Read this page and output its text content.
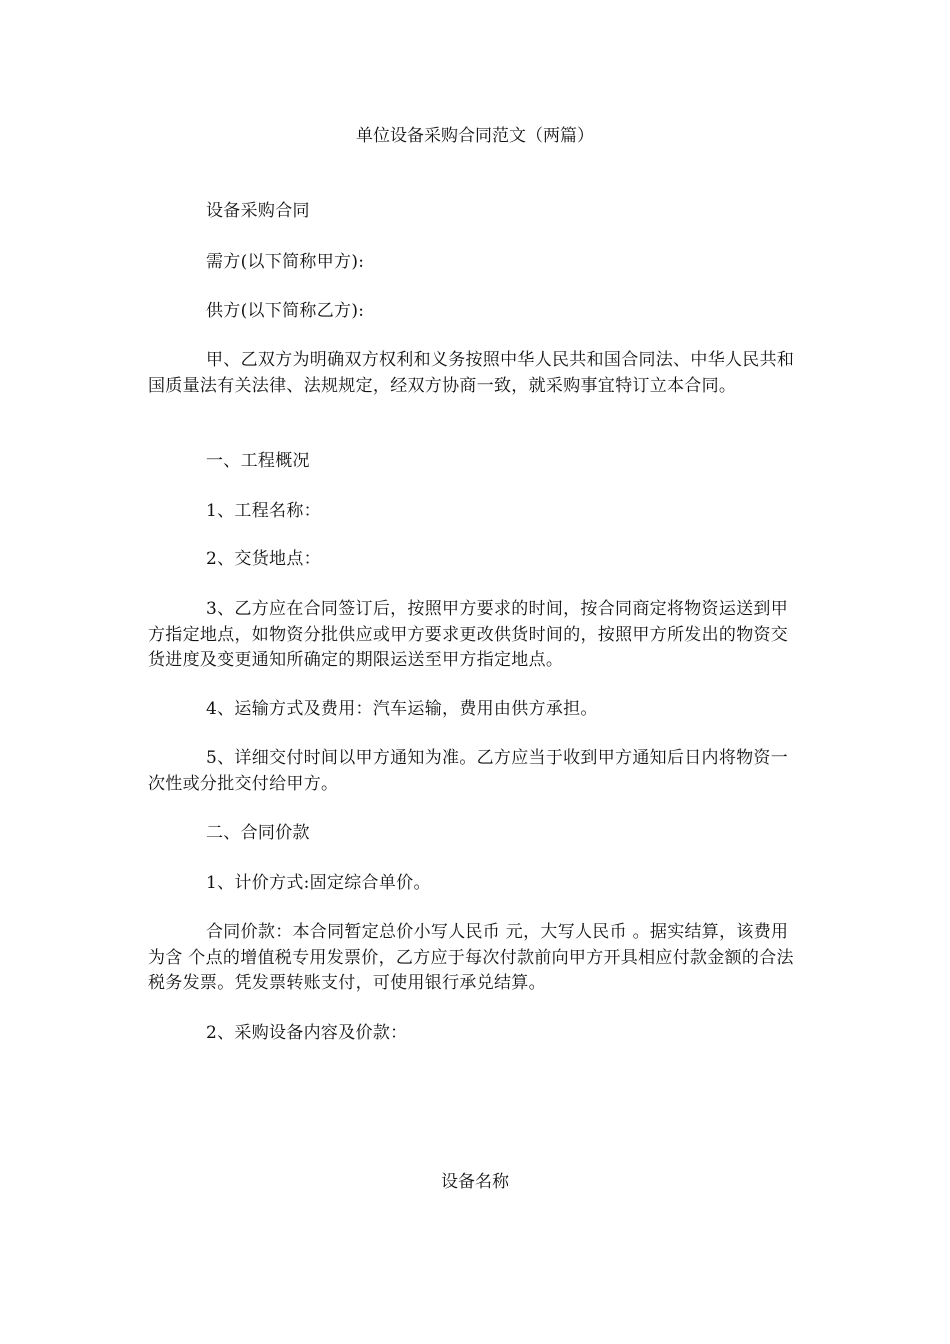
单位设备采购合同范文（两篇）
设备采购合同
需方(以下简称甲方):
供方(以下简称乙方):
甲、乙双方为明确双方权利和义务按照中华人民共和国合同法、中华人民共和国质量法有关法律、法规规定，经双方协商一致，就采购事宜特订立本合同。
一、工程概况
1、工程名称：
2、交货地点：
3、乙方应在合同签订后，按照甲方要求的时间，按合同商定将物资运送到甲方指定地点，如物资分批供应或甲方要求更改供货时间的，按照甲方所发出的物资交货进度及变更通知所确定的期限运送至甲方指定地点。
4、运输方式及费用：汽车运输，费用由供方承担。
5、详细交付时间以甲方通知为准。乙方应当于收到甲方通知后日内将物资一次性或分批交付给甲方。
二、合同价款
1、计价方式:固定综合单价。
合同价款：本合同暂定总价小写人民币 元，大写人民币 。据实结算，该费用为含 个点的增值税专用发票价，乙方应于每次付款前向甲方开具相应付款金额的合法税务发票。凭发票转账支付，可使用银行承兑结算。
2、采购设备内容及价款：
设备名称
